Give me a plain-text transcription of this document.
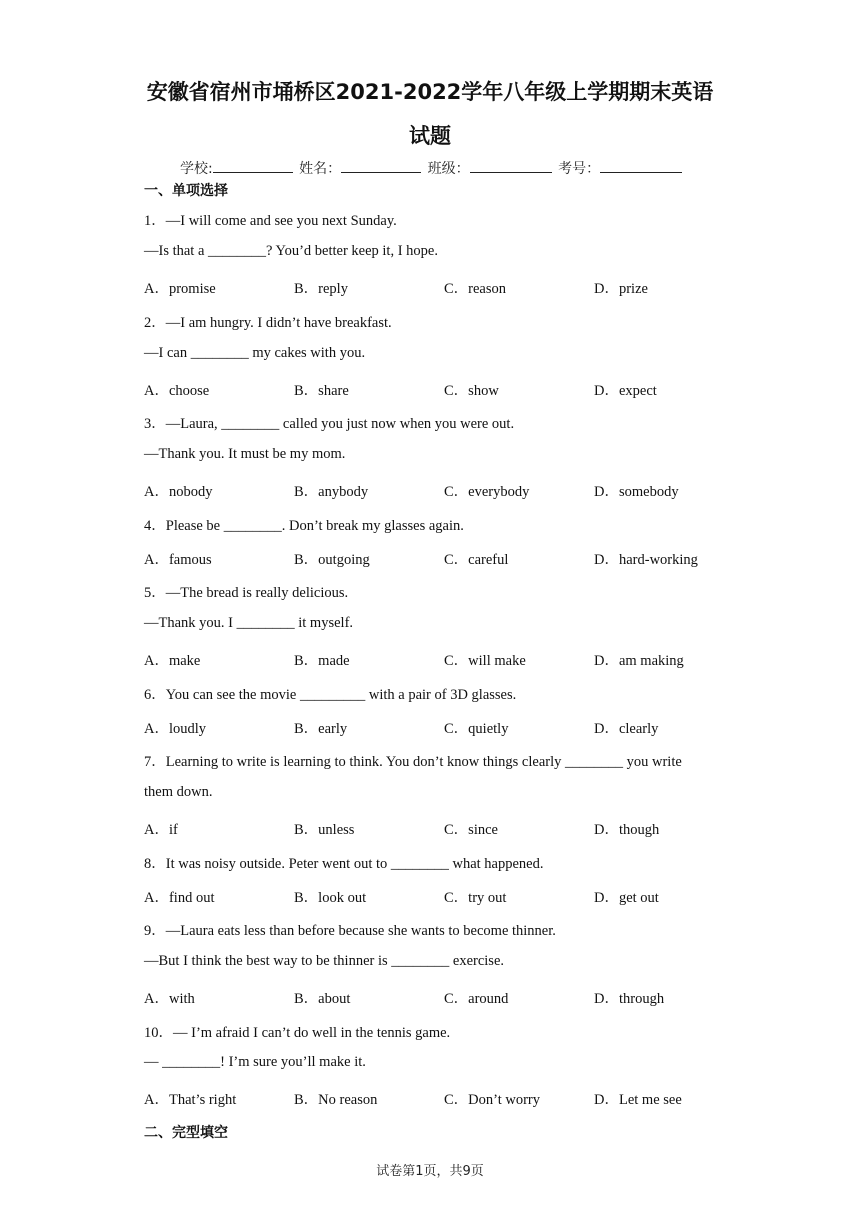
安徽省宿州市埇桥区2021-2022学年八年级上学期期末英语
试题
学校:	姓名：	班级：	考号：
一、单项选择
1．—I will come and see you next Sunday.
—Is that a ________? You’d better keep it, I hope.
A．promise	B．reply	C．reason	D．prize
2．—I am hungry. I didn’t have breakfast.
—I can ________ my cakes with you.
A．choose	B．share	C．show	D．expect
3．—Laura, ________ called you just now when you were out.
—Thank you. It must be my mom.
A．nobody	B．anybody	C．everybody	D．somebody
4．Please be ________. Don’t break my glasses again.
A．famous	B．outgoing	C．careful	D．hard-working
5．—The bread is really delicious.
—Thank you. I ________ it myself.
A．make	B．made	C．will make	D．am making
6．You can see the movie _________ with a pair of 3D glasses.
A．loudly	B．early	C．quietly	D．clearly
7．Learning to write is learning to think. You don’t know things clearly ________ you write
them down.
A．if	B．unless	C．since	D．though
8．It was noisy outside. Peter went out to ________ what happened.
A．find out	B．look out	C．try out	D．get out
9．—Laura eats less than before because she wants to become thinner.
—But I think the best way to be thinner is ________ exercise.
A．with	B．about	C．around	D．through
10．— I’m afraid I can’t do well in the tennis game.
— ________! I’m sure you’ll make it.
A．That’s right	B．No reason	C．Don’t worry	D．Let me see
二、完型填空
试卷第1页，共9页
